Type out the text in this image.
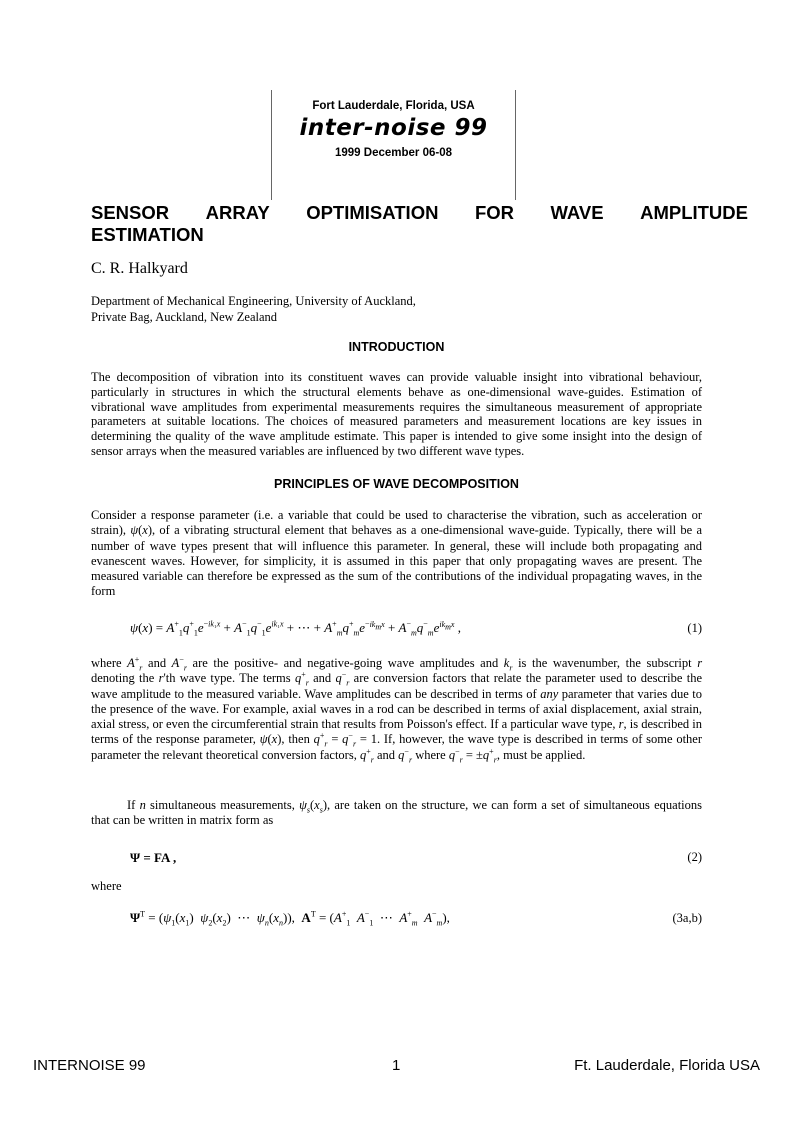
Fort Lauderdale, Florida, USA
inter-noise 99
1999 December 06-08
SENSOR ARRAY OPTIMISATION FOR WAVE AMPLITUDE
ESTIMATION
C. R. Halkyard
Department of Mechanical Engineering, University of Auckland,
Private Bag, Auckland, New Zealand
INTRODUCTION
The decomposition of vibration into its constituent waves can provide valuable insight into vibrational behaviour, particularly in structures in which the structural elements behave as one-dimensional wave-guides. Estimation of vibrational wave amplitudes from experimental measurements requires the simultaneous measurement of appropriate parameters at suitable locations. The choices of measured parameters and measurement locations are key issues in determining the quality of the wave amplitude estimate. This paper is intended to give some insight into the design of sensor arrays when the measured variables are influenced by two different wave types.
PRINCIPLES OF WAVE DECOMPOSITION
Consider a response parameter (i.e. a variable that could be used to characterise the vibration, such as acceleration or strain), ψ(x), of a vibrating structural element that behaves as a one-dimensional wave-guide. Typically, there will be a number of wave types present that will influence this parameter. In general, these will include both propagating and evanescent waves. However, for simplicity, it is assumed in this paper that only propagating waves are present. The measured variable can therefore be expressed as the sum of the contributions of the individual propagating waves, in the form
$\psi(x) = A^+_1q^+_1e^{-ik_1x} + A^-_1q^-_1e^{ik_1x}$ + ⋯ + $A^+_mq^+_me^{-ik_mx} + A^-_mq^-_me^{ik_mx}$ ,	(1)
where $A^+_r$ and $A^-_r$ are the positive- and negative-going wave amplitudes and $k_r$ is the wavenumber, the subscript r denoting the r'th wave type. The terms $q^+_r$ and $q^-_r$ are conversion factors that relate the parameter used to describe the wave amplitude to the measured variable. Wave amplitudes can be described in terms of any parameter that varies due to the presence of the wave. For example, axial waves in a rod can be described in terms of axial displacement, axial strain, axial stress, or even the circumferential strain that results from Poisson's effect. If a particular wave type, r, is described in terms of the response parameter, ψ(x), then $q^+_r = q^-_r = 1$. If, however, the wave type is described in terms of some other parameter the relevant theoretical conversion factors, $q^+_r$ and $q^-_r$ where $q^-_r = \pm q^+_r$, must be applied.
If n simultaneous measurements, $\psi_s(x_s)$, are taken on the structure, we can form a set of simultaneous equations that can be written in matrix form as
Ψ = FA ,	(2)
where
$\Psi^T = (\psi_1(x_1)$  $\psi_2(x_2)$  ⋯  $\psi_n(x_n)$),  $A^T = (A^+_1$ $A^-_1$  ⋯  $A^+_m$ $A^-_m$),	(3a,b)
INTERNOISE 99	1	Ft. Lauderdale, Florida USA
